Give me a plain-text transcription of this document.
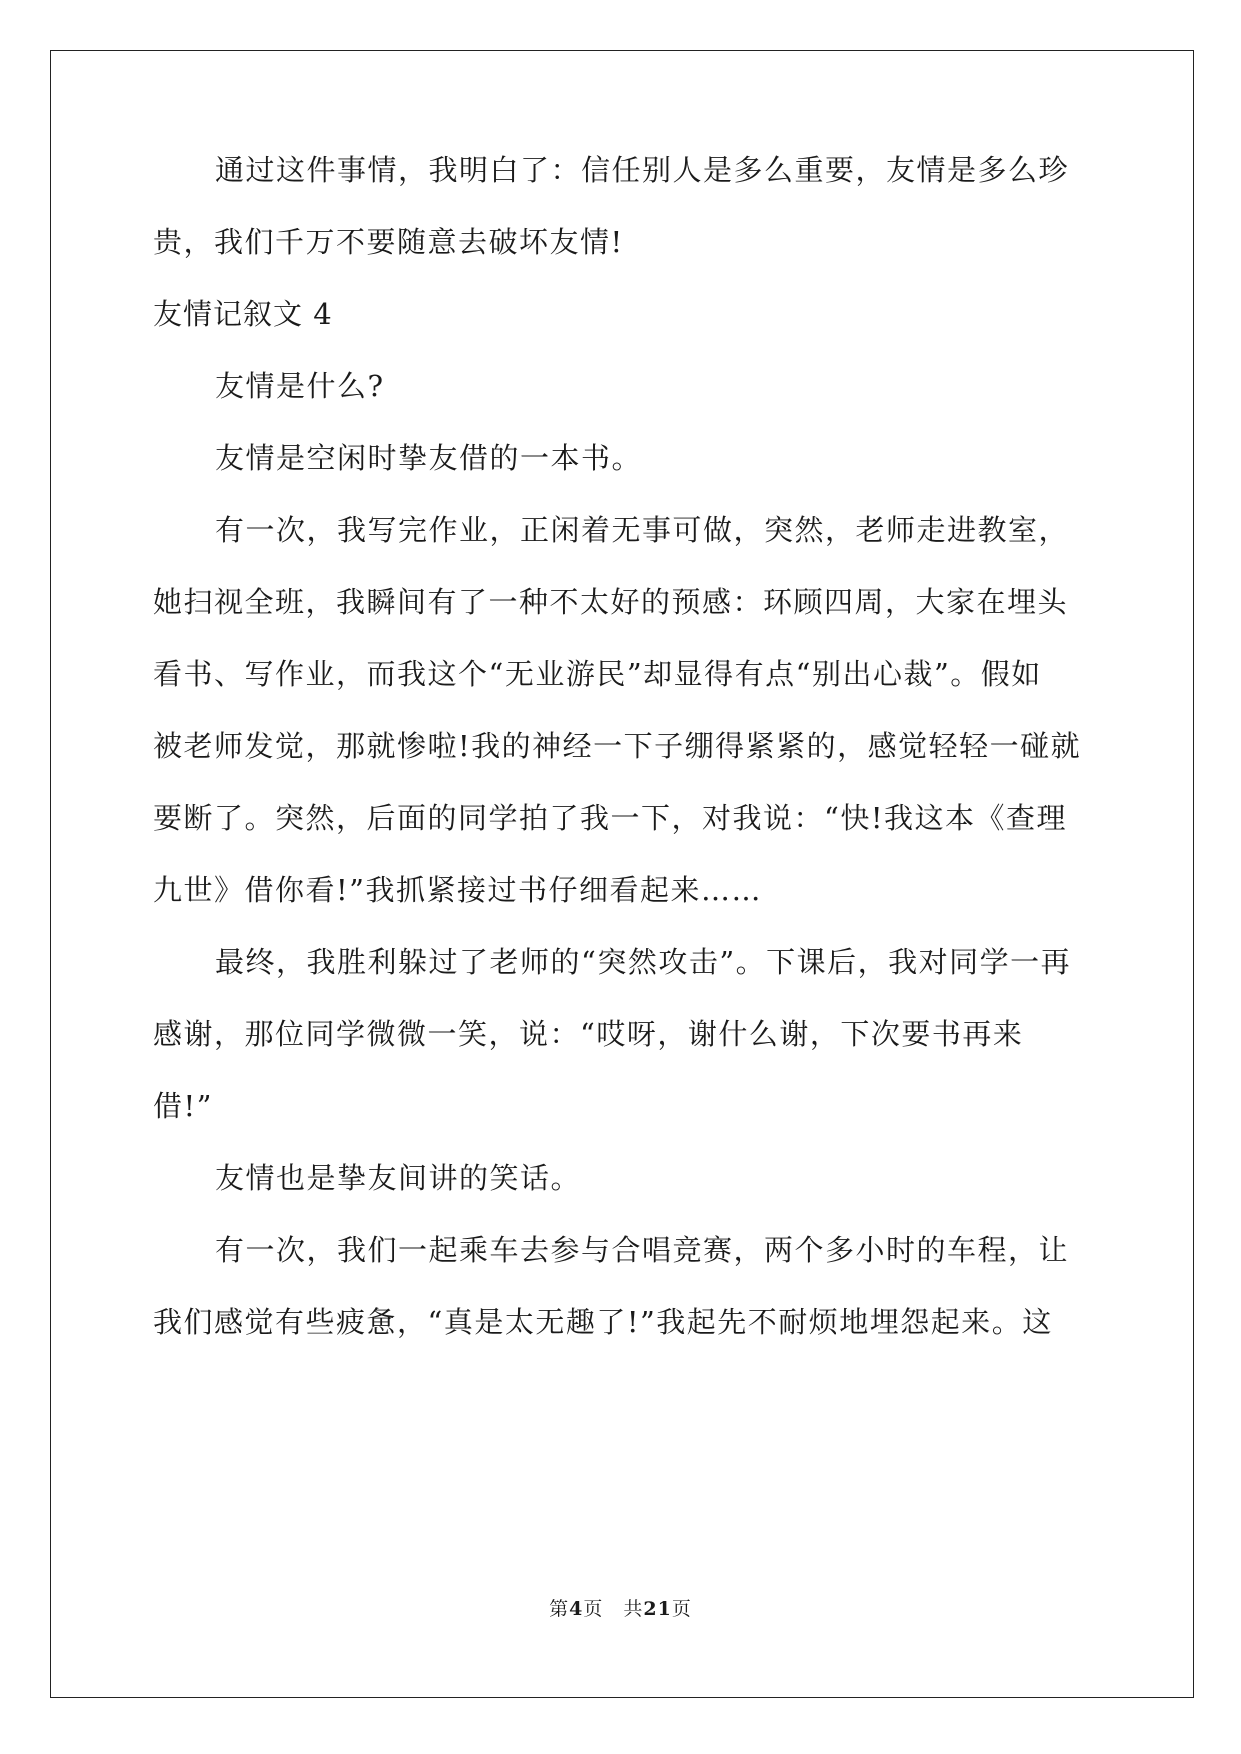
通过这件事情，我明白了：信任别人是多么重要，友情是多么珍
贵，我们千万不要随意去破坏友情!
友情记叙文 4
友情是什么?
友情是空闲时挚友借的一本书。
有一次，我写完作业，正闲着无事可做，突然，老师走进教室，
她扫视全班，我瞬间有了一种不太好的预感：环顾四周，大家在埋头
看书、写作业，而我这个“无业游民”却显得有点“别出心裁”。假如
被老师发觉，那就惨啦!我的神经一下子绷得紧紧的，感觉轻轻一碰就
要断了。突然，后面的同学拍了我一下，对我说：“快!我这本《查理
九世》借你看!”我抓紧接过书仔细看起来……
最终，我胜利躲过了老师的“突然攻击”。下课后，我对同学一再
感谢，那位同学微微一笑，说：“哎呀，谢什么谢，下次要书再来
借!”
友情也是挚友间讲的笑话。
有一次，我们一起乘车去参与合唱竞赛，两个多小时的车程，让
我们感觉有些疲惫，“真是太无趣了!”我起先不耐烦地埋怨起来。这
第4页　共21页
